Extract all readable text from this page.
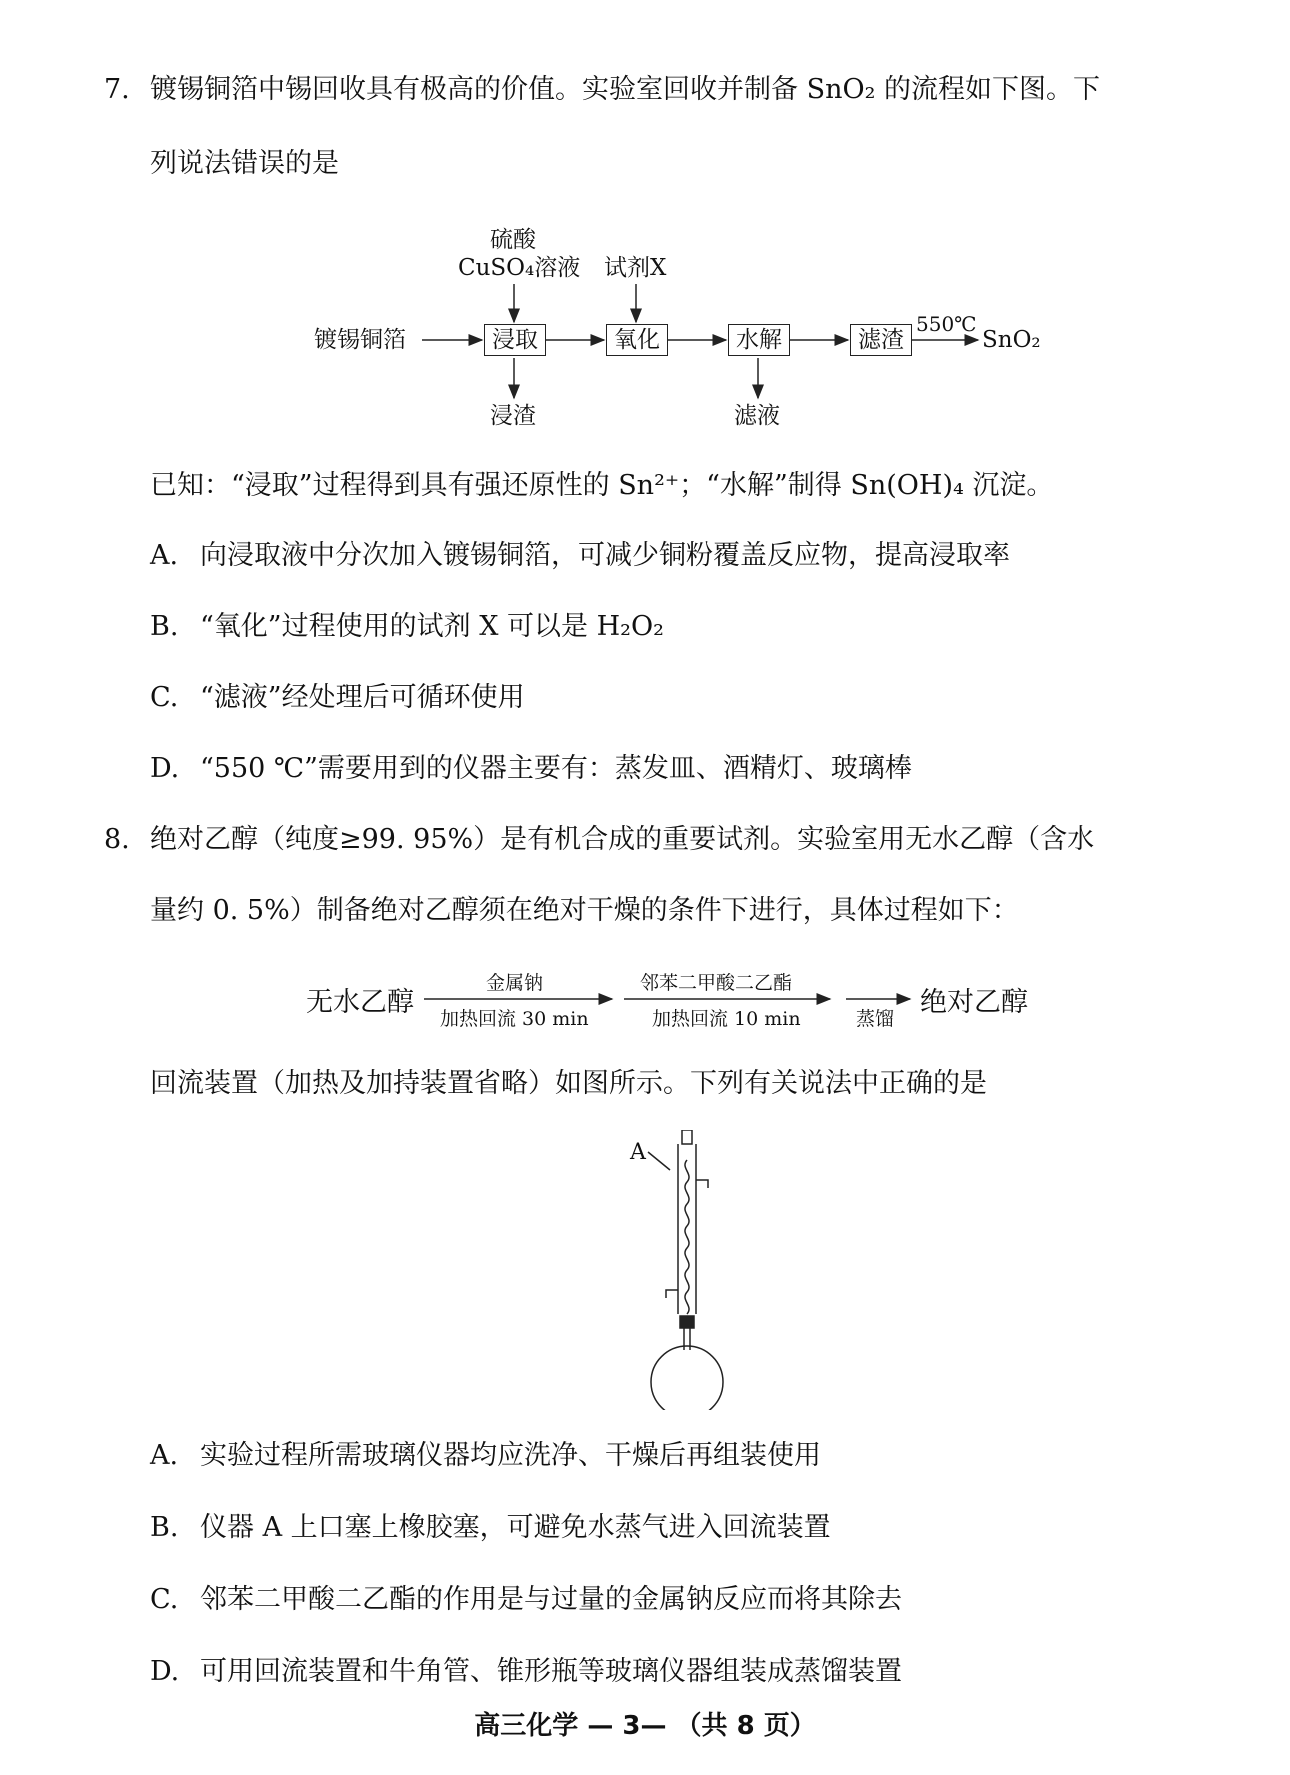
7. 镀锡铜箔中锡回收具有极高的价值。实验室回收并制备 SnO₂ 的流程如下图。下
列说法错误的是
硫酸
CuSO₄溶液 试剂X
镀锡铜箔	浸取	氧化	水解	滤渣
550℃
SnO₂
浸渣	滤液
已知：“浸取”过程得到具有强还原性的 Sn²⁺；“水解”制得 Sn(OH)₄ 沉淀。
A. 向浸取液中分次加入镀锡铜箔，可减少铜粉覆盖反应物，提高浸取率
B. “氧化”过程使用的试剂 X 可以是 H₂O₂
C. “滤液”经处理后可循环使用
D. “550 ℃”需要用到的仪器主要有：蒸发皿、酒精灯、玻璃棒
8. 绝对乙醇（纯度≥99. 95%）是有机合成的重要试剂。实验室用无水乙醇（含水
量约 0. 5%）制备绝对乙醇须在绝对干燥的条件下进行，具体过程如下：
无水乙醇
金属钠
加热回流 30 min
邻苯二甲酸二乙酯
加热回流 10 min	蒸馏
绝对乙醇
回流装置（加热及加持装置省略）如图所示。下列有关说法中正确的是
A
A. 实验过程所需玻璃仪器均应洗净、干燥后再组装使用
B. 仪器 A 上口塞上橡胶塞，可避免水蒸气进入回流装置
C. 邻苯二甲酸二乙酯的作用是与过量的金属钠反应而将其除去
D. 可用回流装置和牛角管、锥形瓶等玻璃仪器组装成蒸馏装置
高三化学 — 3— （共 8 页）
